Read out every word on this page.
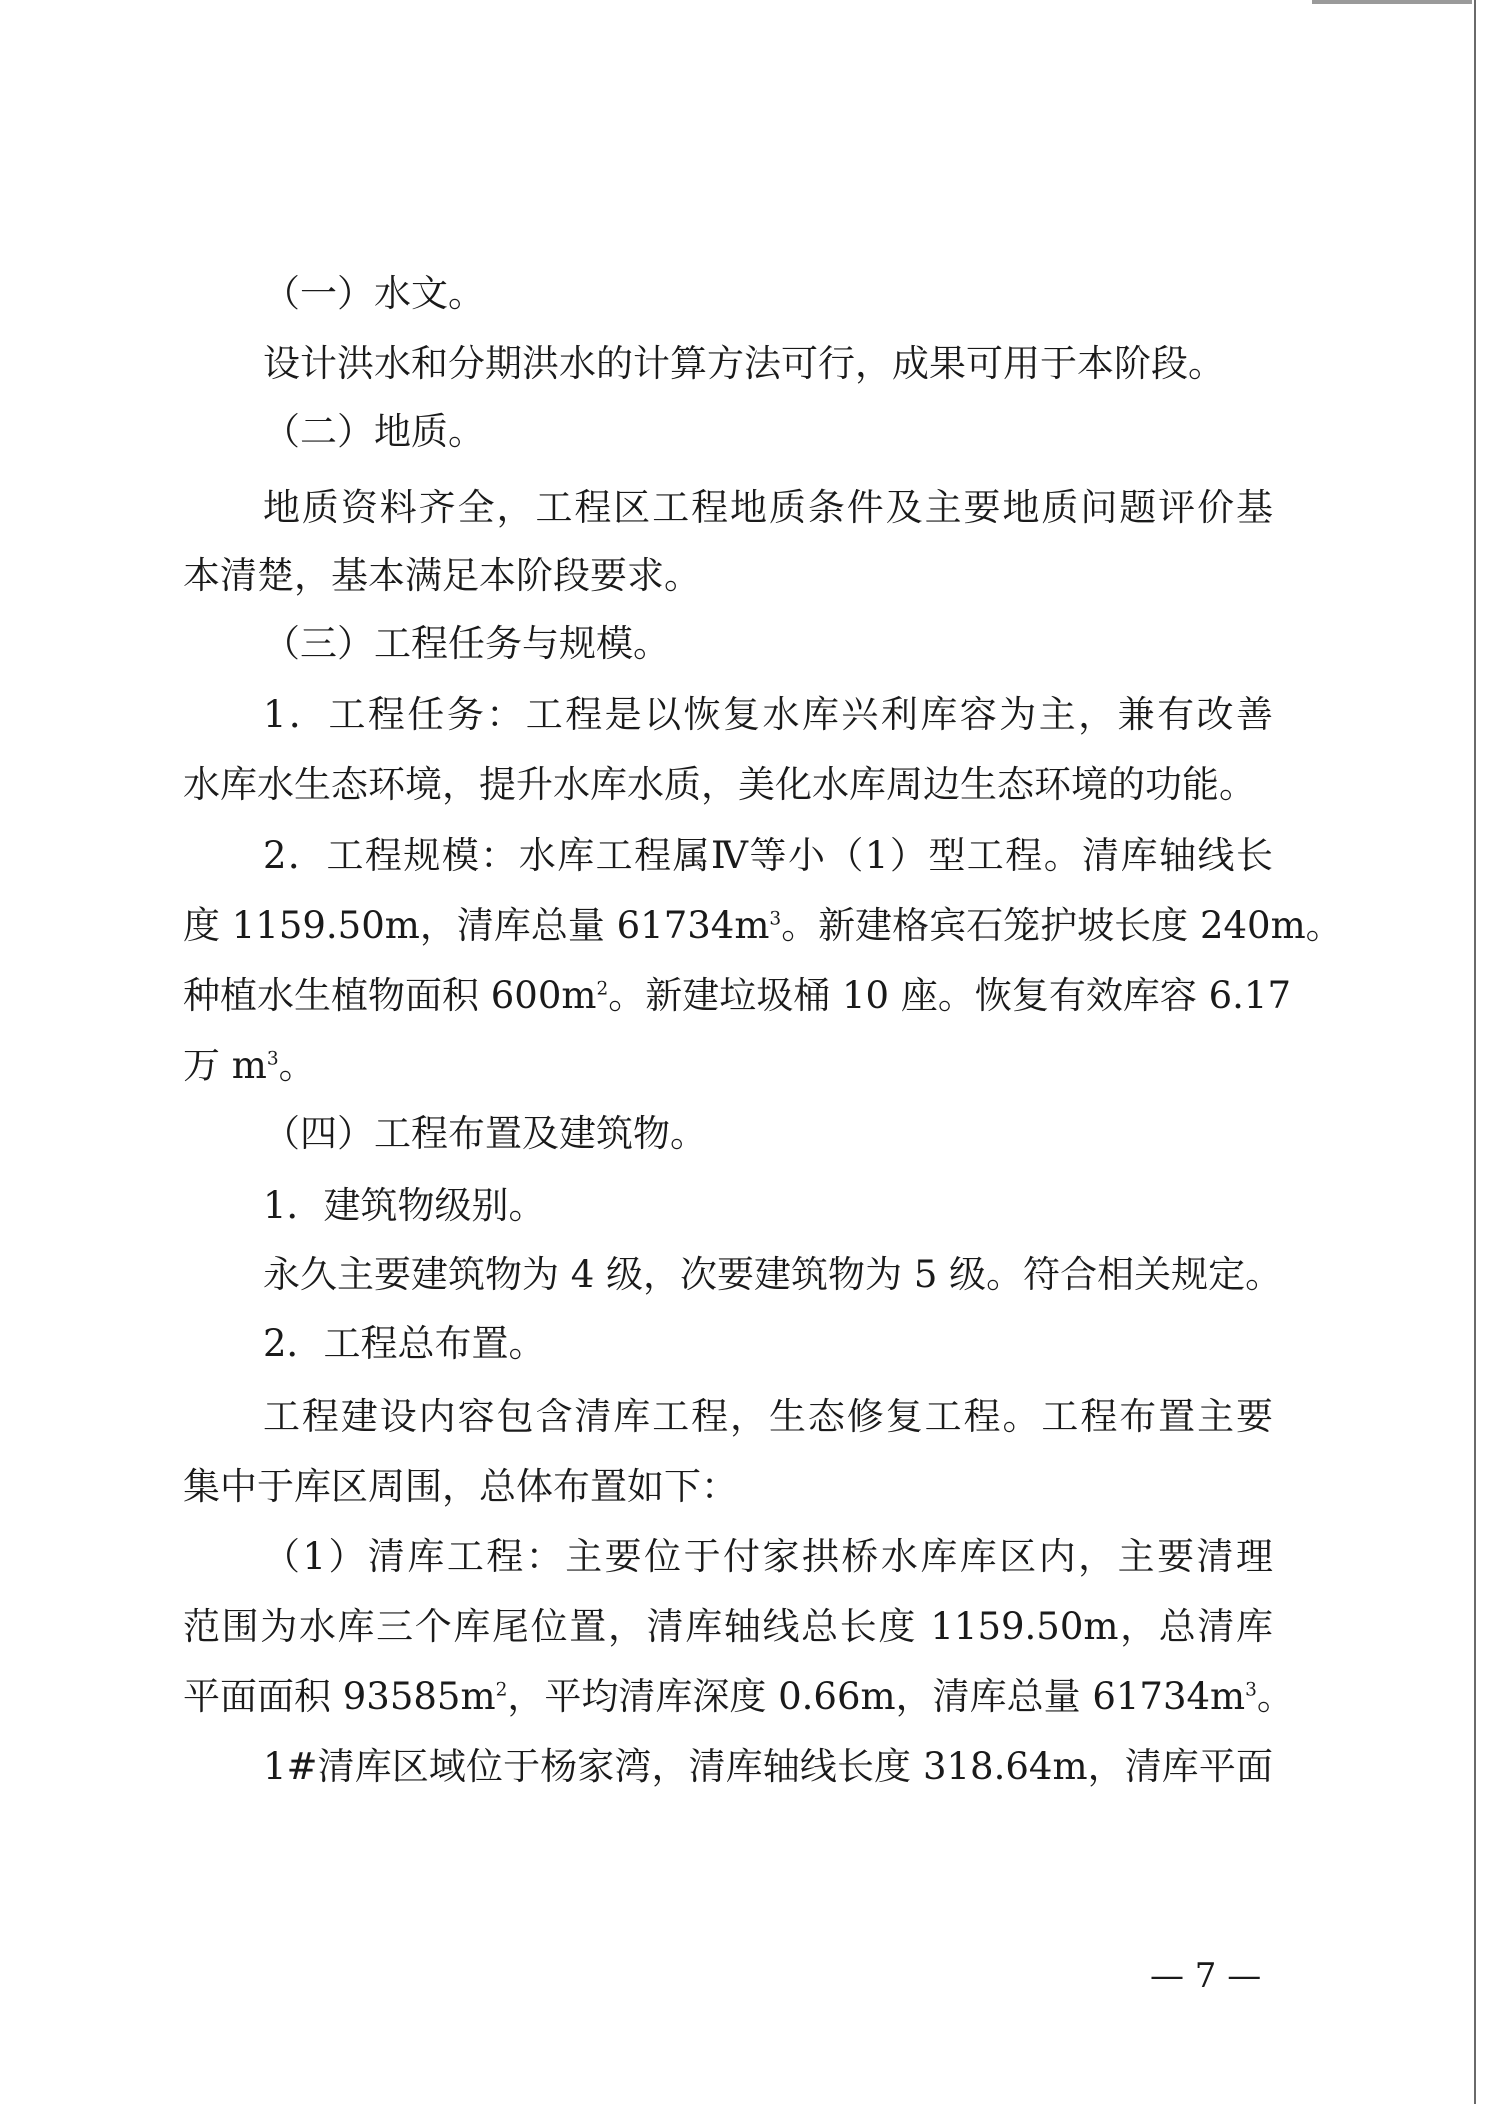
（一）水文。
设计洪水和分期洪水的计算方法可行，成果可用于本阶段。
（二）地质。
地质资料齐全，工程区工程地质条件及主要地质问题评价基
本清楚，基本满足本阶段要求。
（三）工程任务与规模。
1．工程任务：工程是以恢复水库兴利库容为主，兼有改善
水库水生态环境，提升水库水质，美化水库周边生态环境的功能。
2．工程规模：水库工程属Ⅳ等小（1）型工程。清库轴线长
度 1159.50m，清库总量 $61734m^3$。新建格宾石笼护坡长度 240m。
种植水生植物面积 $600m^2$。新建垃圾桶 10 座。恢复有效库容 6.17
万 $m^3$。
（四）工程布置及建筑物。
1．建筑物级别。
永久主要建筑物为 4 级，次要建筑物为 5 级。符合相关规定。
2．工程总布置。
工程建设内容包含清库工程，生态修复工程。工程布置主要
集中于库区周围，总体布置如下：
（1）清库工程：主要位于付家拱桥水库库区内，主要清理
范围为水库三个库尾位置，清库轴线总长度 1159.50m，总清库
平面面积 $93585m^2$，平均清库深度 0.66m，清库总量 $61734m^3$。
1#清库区域位于杨家湾，清库轴线长度 318.64m，清库平面
— 7 —
